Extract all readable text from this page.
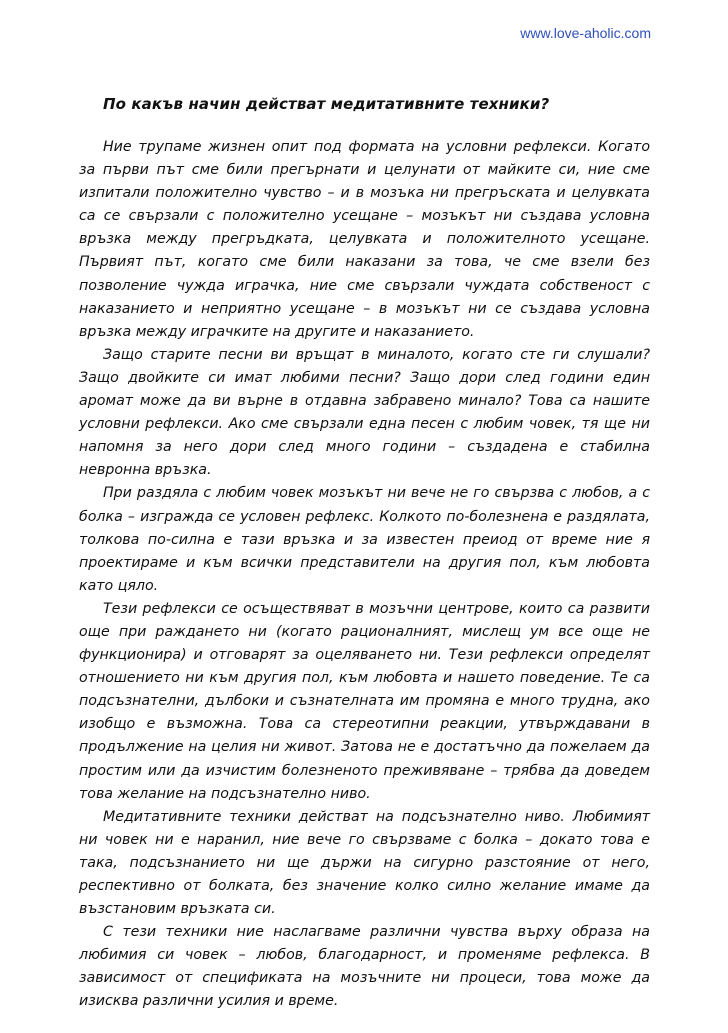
www.love-aholic.com
По какъв начин действат медитативните техники?

Ние трупаме жизнен опит под формата на условни рефлекси. Когато за първи път сме били прегърнати и целунати от майките си, ние сме изпитали положително чувство – и в мозъка ни прегръската и целувката са се свързали с положително усещане – мозъкът ни създава условна връзка между прегръдката, целувката и положителното усещане. Първият път, когато сме били наказани за това, че сме взели без позволение чужда играчка, ние сме свързали чуждата собственост с наказанието и неприятно усещане – в мозъкът ни се създава условна връзка между играчките на другите и наказанието.

Защо старите песни ви връщат в миналото, когато сте ги слушали? Защо двойките си имат любими песни? Защо дори след години един аромат може да ви върне в отдавна забравено минало? Това са нашите условни рефлекси. Ако сме свързали една песен с любим човек, тя ще ни напомня за него дори след много години – създадена е стабилна невронна връзка.

При раздяла с любим човек мозъкът ни вече не го свързва с любов, а с болка – изгражда се условен рефлекс. Колкото по-болезнена е раздялата, толкова по-силна е тази връзка и за известен преиод от време ние я проектираме и към всички представители на другия пол, към любовта като цяло.

Тези рефлекси се осъществяват в мозъчни центрове, които са развити още при раждането ни (когато рационалният, мислещ ум все още не функционира) и отговарят за оцеляването ни. Тези рефлекси определят отношението ни към другия пол, към любовта и нашето поведение. Те са подсъзнателни, дълбоки и съзнателната им промяна е много трудна, ако изобщо е възможна. Това са стереотипни реакции, утвърждавани в продължение на целия ни живот. Затова не е достатъчно да пожелаем да простим или да изчистим болезненото преживяване – трябва да доведем това желание на подсъзнателно ниво.

Медитативните техники действат на подсъзнателно ниво. Любимият ни човек ни е наранил, ние вече го свързваме с болка – докато това е така, подсъзнанието ни ще държи на сигурно разстояние от него, респективно от болката, без значение колко силно желание имаме да възстановим връзката си.

С тези техники ние наслагваме различни чувства върху образа на любимия си човек – любов, благодарност, и променяме рефлекса. В зависимост от спецификата на мозъчните ни процеси, това може да изисква различни усилия и време.
